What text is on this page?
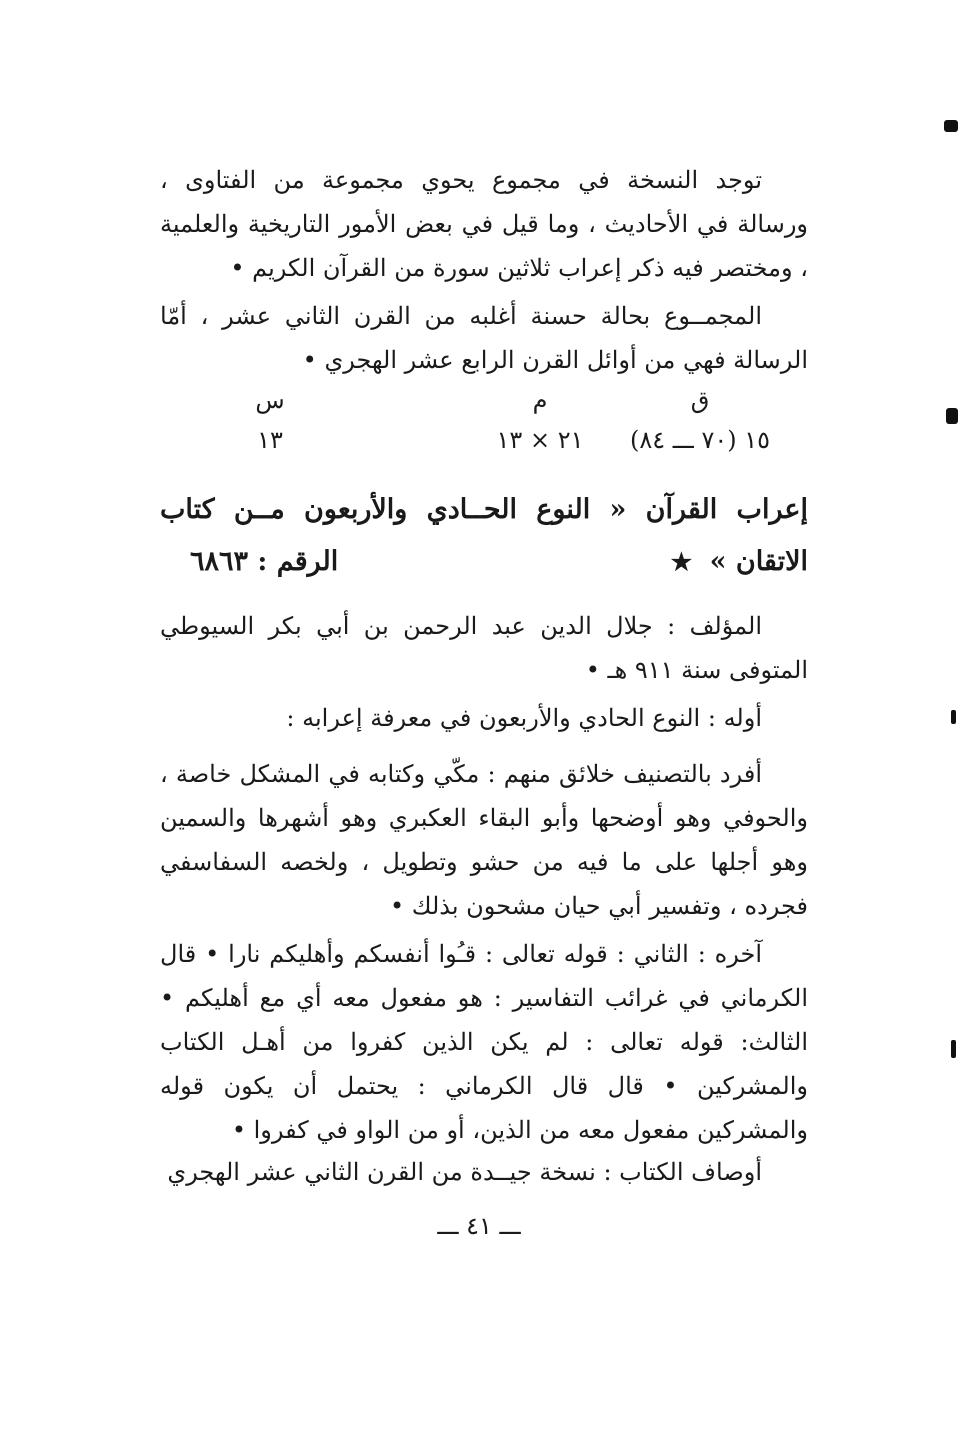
توجد النسخة في مجموع يحوي مجموعة من الفتاوى ، ورسالة في الأحاديث ، وما قيل في بعض الأمور التاريخية والعلمية ، ومختصر فيه ذكر إعراب ثلاثين سورة من القرآن الكريم •

المجمــوع بحالة حسنة أغلبه من القرن الثاني عشر ، أمّا الرسالة فهي من أوائل القرن الرابع عشر الهجري •

ق
١٥ (٧٠ ـــ ٨٤)
م
٢١ × ١٣
س
١٣
إعراب القرآن « النوع الحــادي والأربعون مــن كتاب
الاتقان » ★
الرقم : ٦٨٦٣

المؤلف : جلال الدين عبد الرحمن بن أبي بكر السيوطي المتوفى سنة ٩١١ هـ •

أوله : النوع الحادي والأربعون في معرفة إعرابه :

أفرد بالتصنيف خلائق منهم : مكّي وكتابه في المشكل خاصة ، والحوفي وهو أوضحها وأبو البقاء العكبري وهو أشهرها والسمين وهو أجلها على ما فيه من حشو وتطويل ، ولخصه السفاسفي فجرده ، وتفسير أبي حيان مشحون بذلك •

آخره : الثاني : قوله تعالى : قـُوا أنفسكم وأهليكم نارا • قال الكرماني في غرائب التفاسير : هو مفعول معه أي مع أهليكم • الثالث: قوله تعالى : لم يكن الذين كفروا من أهـل الكتاب والمشركين • قال قال الكرماني : يحتمل أن يكون قوله والمشركين مفعول معه من الذين، أو من الواو في كفروا •

أوصاف الكتاب : نسخة جيــدة من القرن الثاني عشر الهجري

ـــ ٤١ ـــ
